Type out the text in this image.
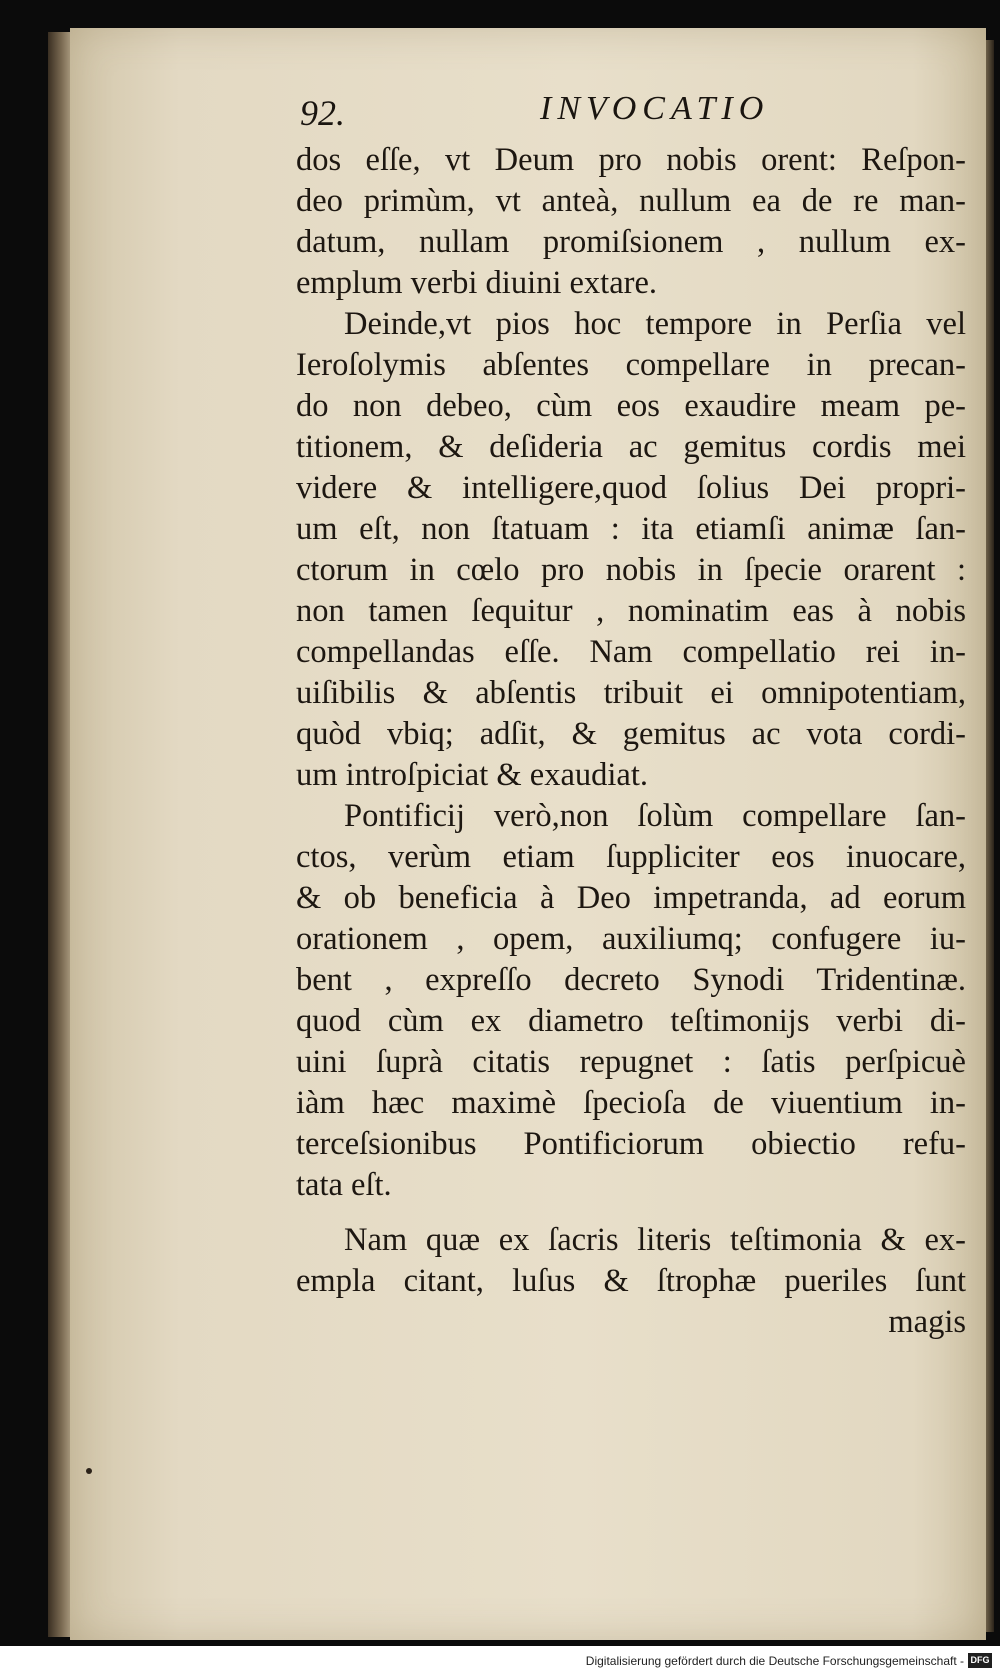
92.	INVOCATIO
dos eſſe, vt Deum pro nobis orent: Reſpon-
deo primùm, vt anteà, nullum ea de re man-
datum, nullam promiſsionem , nullum ex-
emplum verbi diuini extare.
Deinde,vt pios hoc tempore in Perſia vel
Ieroſolymis abſentes compellare in precan-
do non debeo, cùm eos exaudire meam pe-
titionem, & deſideria ac gemitus cordis mei
videre & intelligere,quod ſolius Dei propri-
um eſt, non ſtatuam : ita etiamſi animæ ſan-
ctorum in cœlo pro nobis in ſpecie orarent :
non tamen ſequitur , nominatim eas à nobis
compellandas eſſe. Nam compellatio rei in-
uiſibilis & abſentis tribuit ei omnipotentiam,
quòd vbiq; adſit, & gemitus ac vota cordi-
um introſpiciat & exaudiat.
Pontificij verò,non ſolùm compellare ſan-
ctos, verùm etiam ſuppliciter eos inuocare,
& ob beneficia à Deo impetranda, ad eorum
orationem , opem, auxiliumq; confugere iu-
bent , expreſſo decreto Synodi Tridentinæ.
quod cùm ex diametro teſtimonijs verbi di-
uini ſuprà citatis repugnet : ſatis perſpicuè
iàm hæc maximè ſpecioſa de viuentium in-
terceſsionibus Pontificiorum obiectio refu-
tata eſt.
Nam quæ ex ſacris literis teſtimonia & ex-
empla citant, luſus & ſtrophæ pueriles ſunt
magis
Digitalisierung gefördert durch die Deutsche Forschungsgemeinschaft - DFG
